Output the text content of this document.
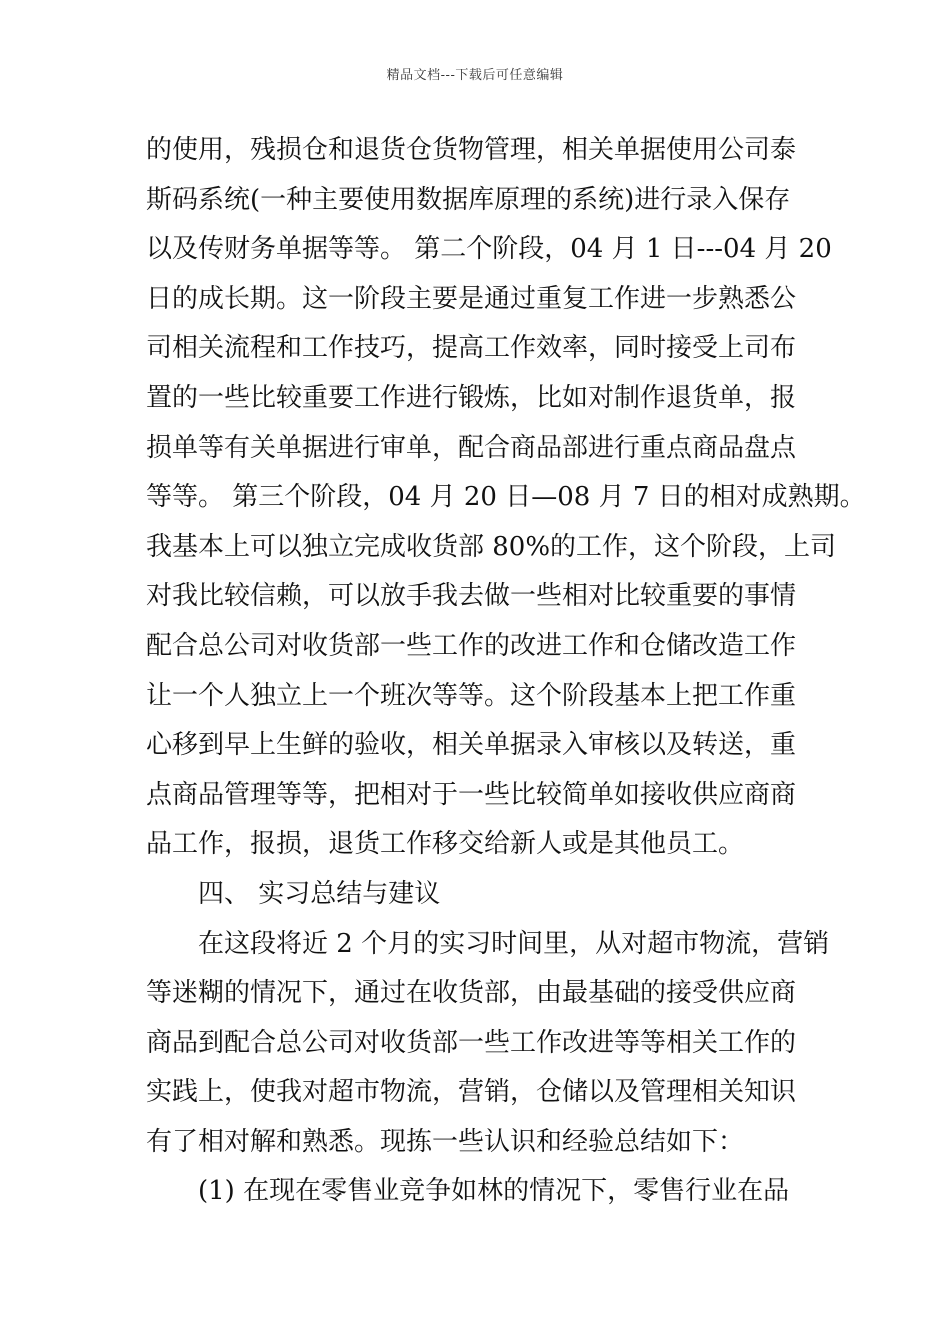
精品文档---下载后可任意编辑
的使用，残损仓和退货仓货物管理，相关单据使用公司泰
斯码系统(一种主要使用数据库原理的系统)进行录入保存
以及传财务单据等等。 第二个阶段，04 月 1 日---04 月 20
日的成长期。这一阶段主要是通过重复工作进一步熟悉公
司相关流程和工作技巧，提高工作效率，同时接受上司布
置的一些比较重要工作进行锻炼，比如对制作退货单，报
损单等有关单据进行审单，配合商品部进行重点商品盘点
等等。 第三个阶段，04 月 20 日—08 月 7 日的相对成熟期。
我基本上可以独立完成收货部 80%的工作，这个阶段，上司
对我比较信赖，可以放手我去做一些相对比较重要的事情
配合总公司对收货部一些工作的改进工作和仓储改造工作
让一个人独立上一个班次等等。这个阶段基本上把工作重
心移到早上生鲜的验收，相关单据录入审核以及转送，重
点商品管理等等，把相对于一些比较简单如接收供应商商
品工作，报损，退货工作移交给新人或是其他员工。
四、 实习总结与建议
在这段将近 2 个月的实习时间里，从对超市物流，营销
等迷糊的情况下，通过在收货部，由最基础的接受供应商
商品到配合总公司对收货部一些工作改进等等相关工作的
实践上，使我对超市物流，营销，仓储以及管理相关知识
有了相对解和熟悉。现拣一些认识和经验总结如下：
(1) 在现在零售业竞争如林的情况下，零售行业在品
